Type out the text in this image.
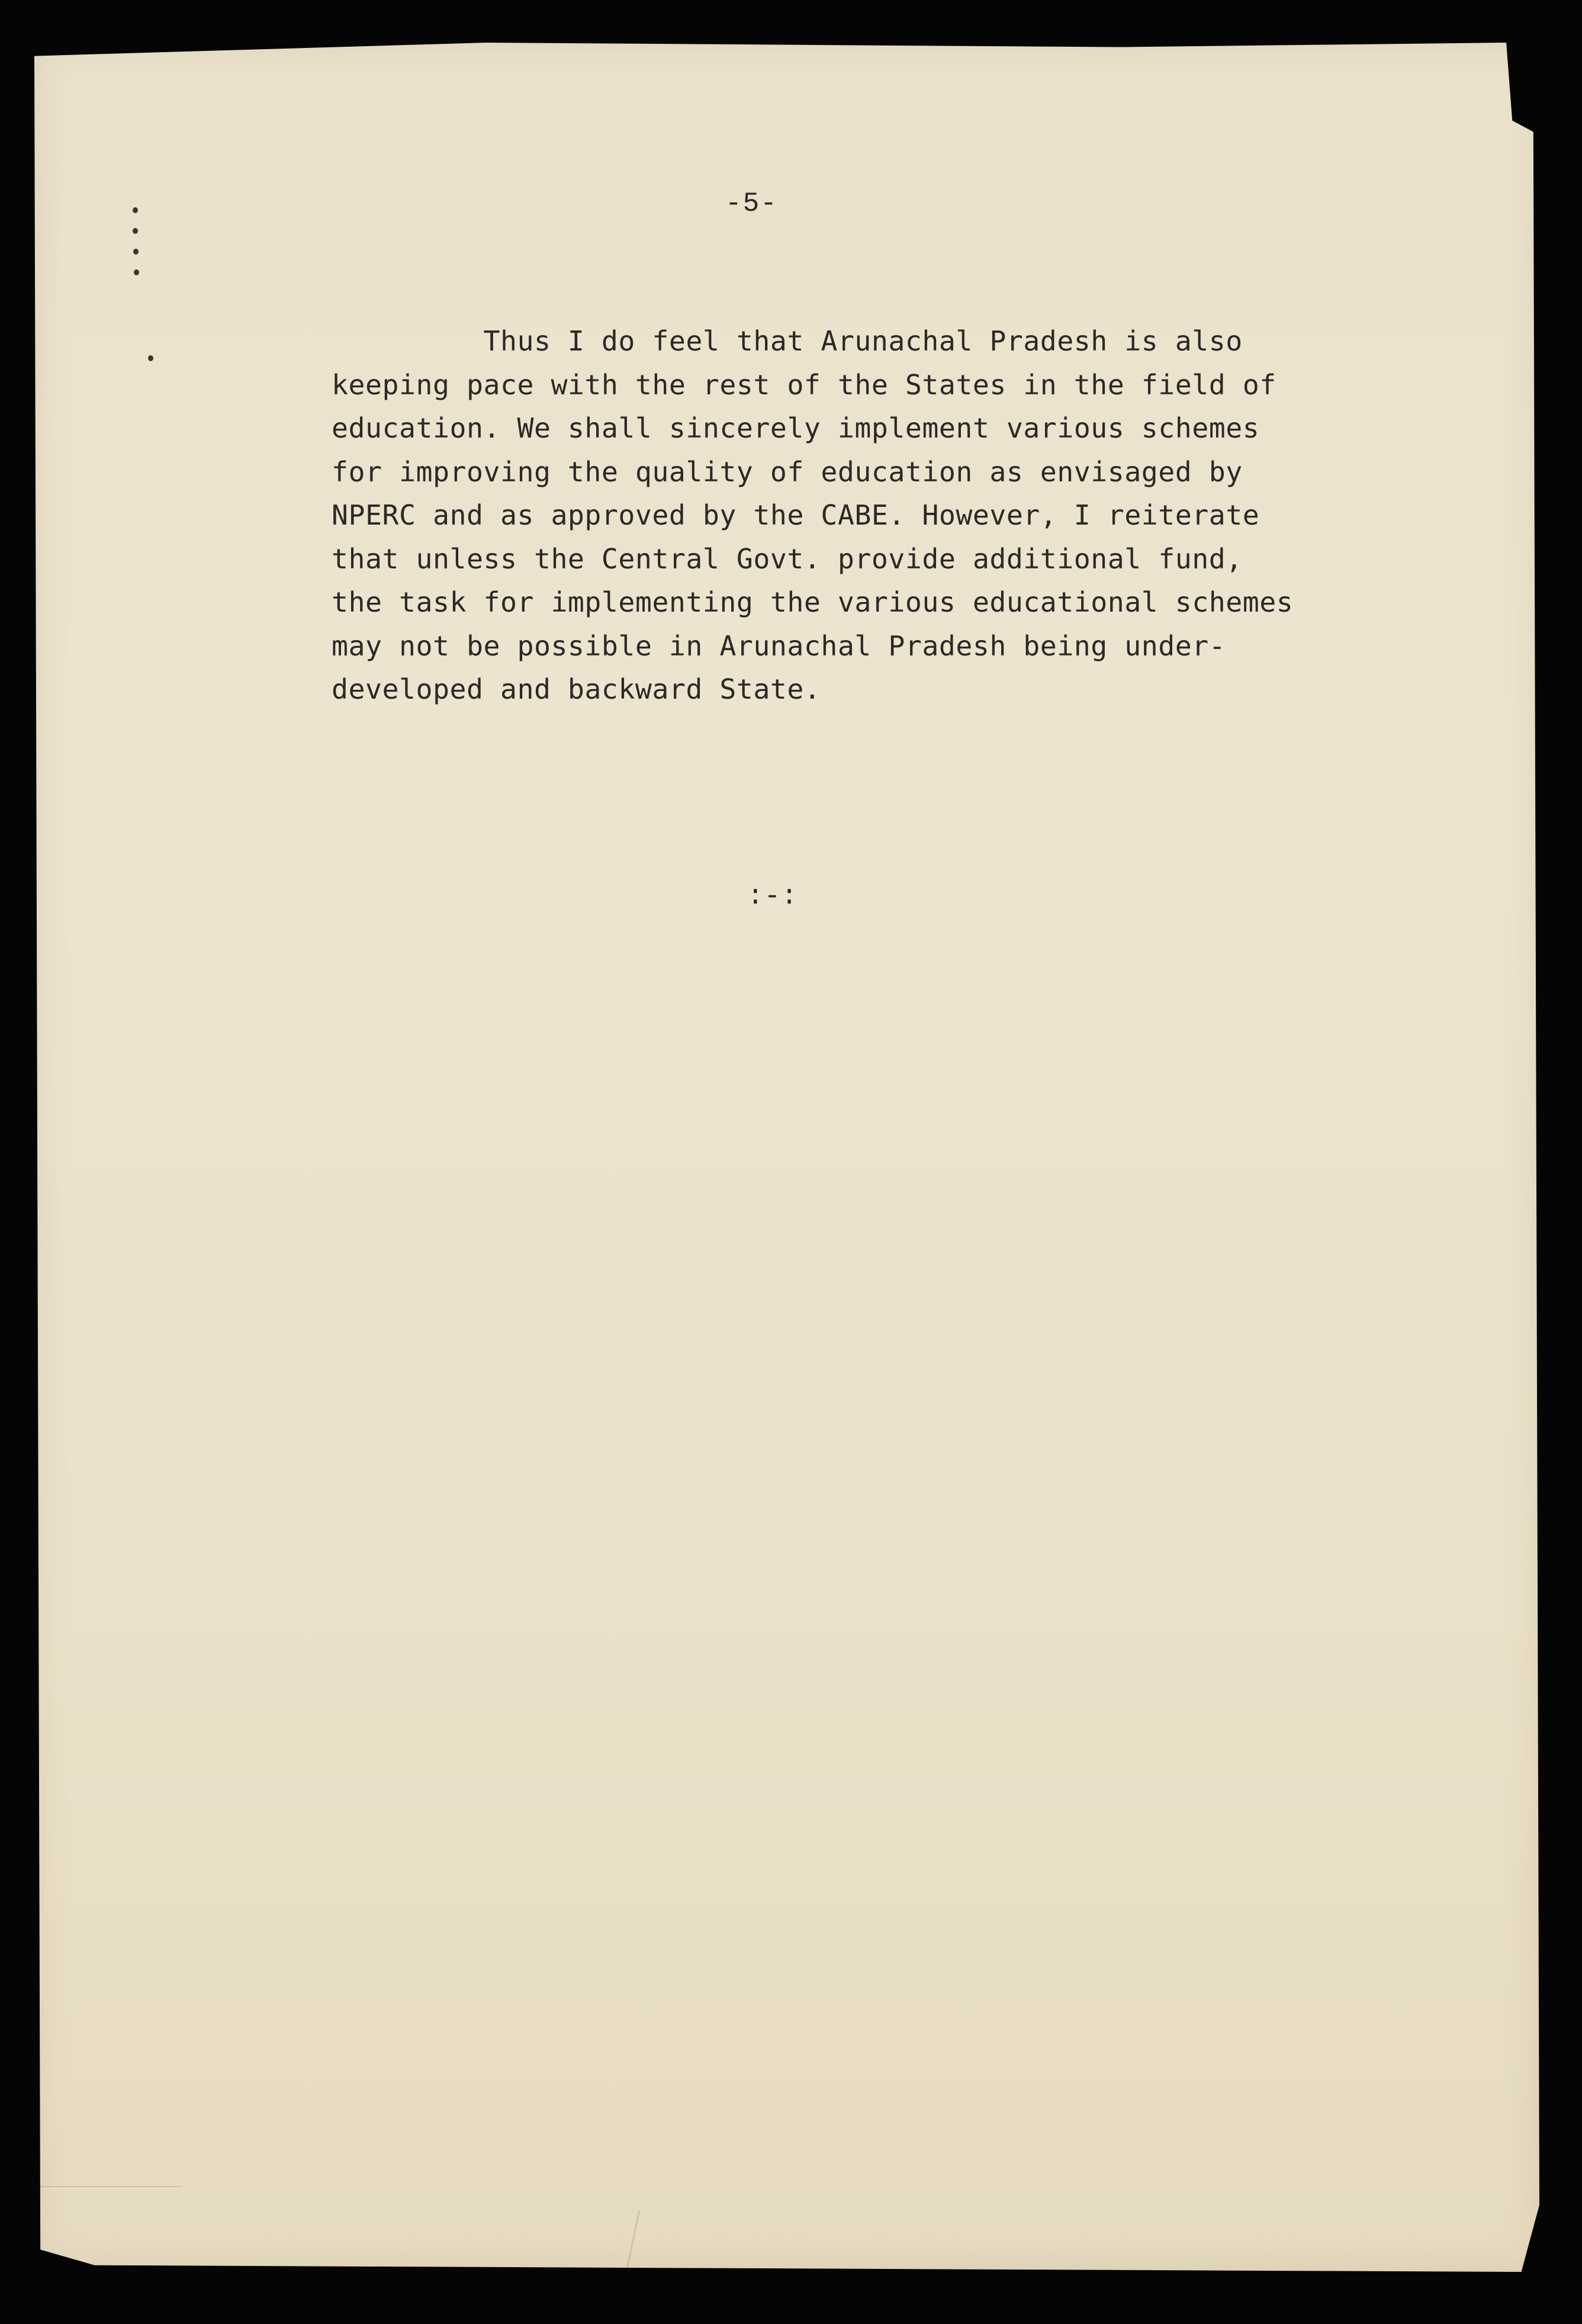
-5-
Thus I do feel that Arunachal Pradesh is also
keeping pace with the rest of the States in the field of
education. We shall sincerely implement various schemes
for improving the quality of education as envisaged by
NPERC and as approved by the CABE. However, I reiterate
that unless the Central Govt. provide additional fund,
the task for implementing the various educational schemes
may not be possible in Arunachal Pradesh being under-
developed and backward State.
:-:
